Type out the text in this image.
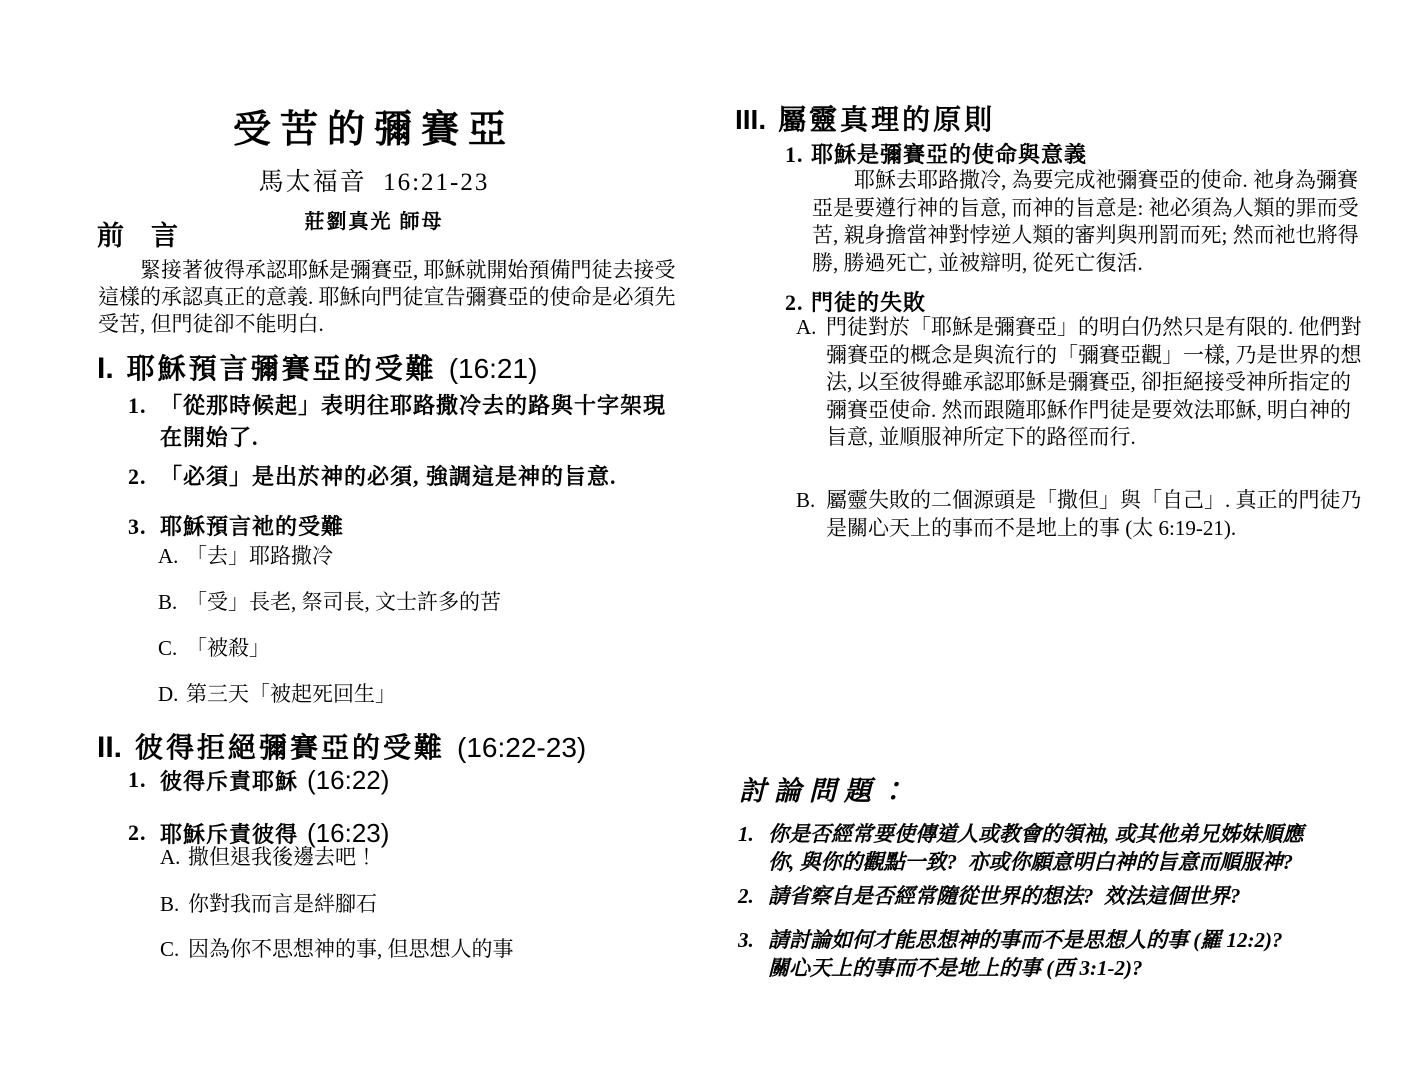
受苦的彌賽亞
馬太福音  16:21-23
莊劉真光 師母
前　言
緊接著彼得承認耶穌是彌賽亞, 耶穌就開始預備門徒去接受這樣的承認真正的意義. 耶穌向門徒宣告彌賽亞的使命是必須先受苦, 但門徒卻不能明白.
I. 耶穌預言彌賽亞的受難 (16:21)
1. 「從那時候起」表明往耶路撒冷去的路與十字架現在開始了.
2. 「必須」是出於神的必須, 強調這是神的旨意.
3. 耶穌預言祂的受難
A. 「去」耶路撒冷
B. 「受」長老, 祭司長, 文士許多的苦
C. 「被殺」
D. 第三天「被起死回生」
II. 彼得拒絕彌賽亞的受難 (16:22-23)
1. 彼得斥責耶穌 (16:22)
2. 耶穌斥責彼得 (16:23)
A. 撒但退我後邊去吧！
B. 你對我而言是絆腳石
C. 因為你不思想神的事, 但思想人的事
III. 屬靈真理的原則
1. 耶穌是彌賽亞的使命與意義
耶穌去耶路撒冷, 為要完成祂彌賽亞的使命. 祂身為彌賽亞是要遵行神的旨意, 而神的旨意是: 祂必須為人類的罪而受苦, 親身擔當神對悖逆人類的審判與刑罰而死; 然而祂也將得勝, 勝過死亡, 並被辯明, 從死亡復活.
2. 門徒的失敗
A. 門徒對於「耶穌是彌賽亞」的明白仍然只是有限的. 他們對彌賽亞的概念是與流行的「彌賽亞觀」一樣, 乃是世界的想法, 以至彼得雖承認耶穌是彌賽亞, 卻拒絕接受神所指定的彌賽亞使命. 然而跟隨耶穌作門徒是要效法耶穌, 明白神的旨意, 並順服神所定下的路徑而行.
B. 屬靈失敗的二個源頭是「撒但」與「自己」. 真正的門徒乃是關心天上的事而不是地上的事 (太 6:19-21).
討論問題：
1. 你是否經常要使傳道人或教會的領袖, 或其他弟兄姊妹順應你, 與你的觀點一致?  亦或你願意明白神的旨意而順服神?
2. 請省察自是否經常隨從世界的想法?  效法這個世界?
3. 請討論如何才能思想神的事而不是思想人的事 (羅 12:2)?  關心天上的事而不是地上的事 (西 3:1-2)?
